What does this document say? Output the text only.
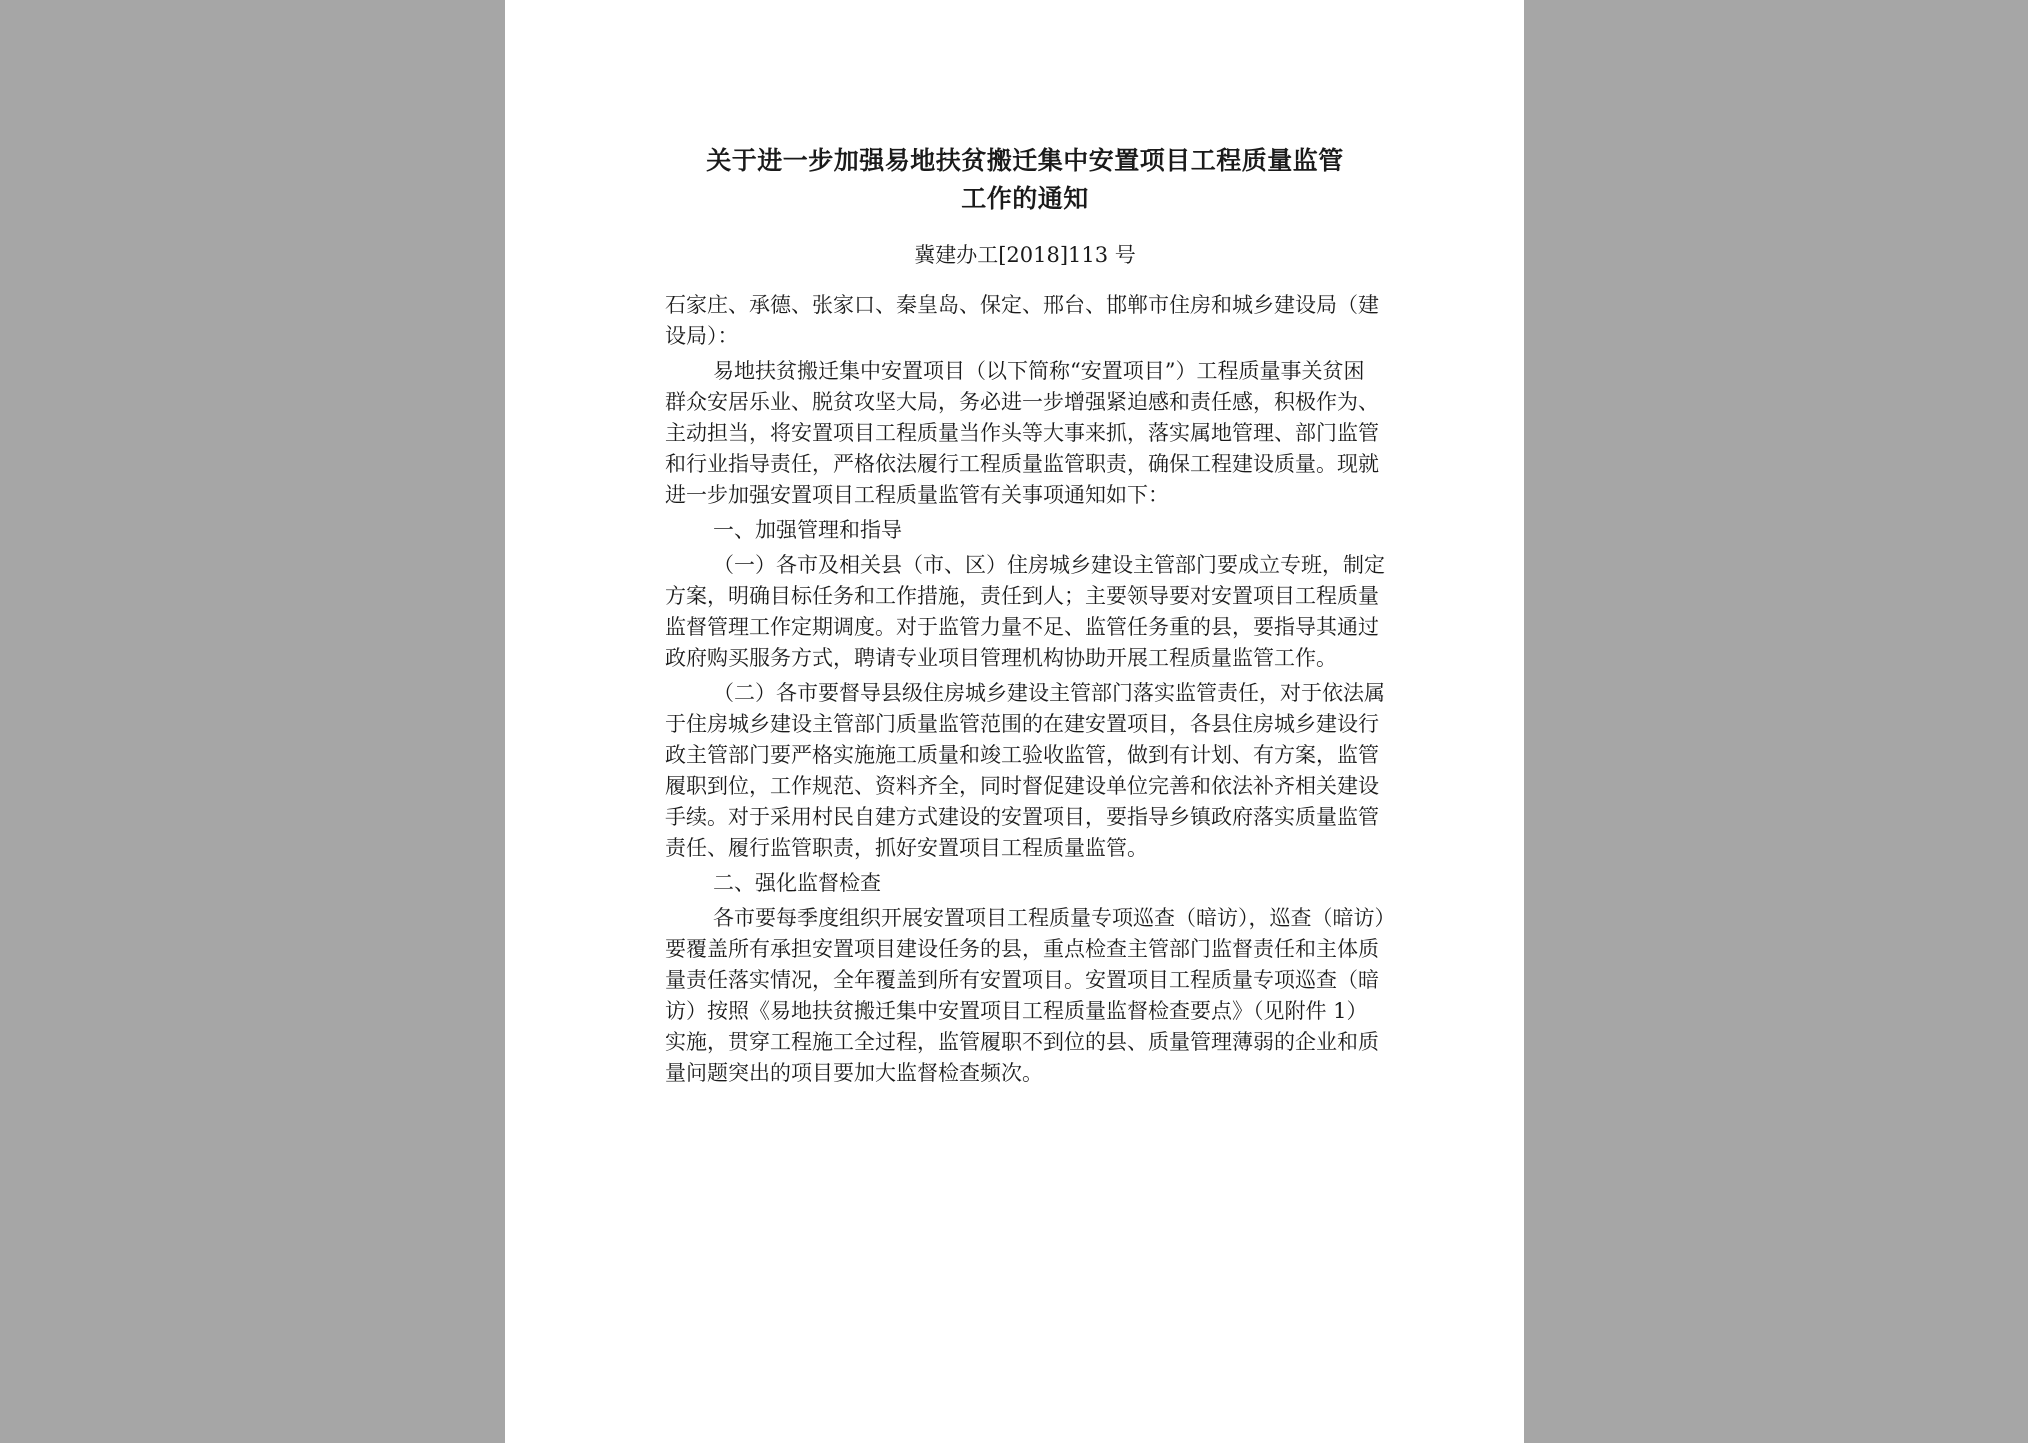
关于进一步加强易地扶贫搬迁集中安置项目工程质量监管
工作的通知
冀建办工[2018]113 号

石家庄、承德、张家口、秦皇岛、保定、邢台、邯郸市住房和城乡建设局（建设局）：

易地扶贫搬迁集中安置项目（以下简称“安置项目”）工程质量事关贫困群众安居乐业、脱贫攻坚大局，务必进一步增强紧迫感和责任感，积极作为、主动担当，将安置项目工程质量当作头等大事来抓，落实属地管理、部门监管和行业指导责任，严格依法履行工程质量监管职责，确保工程建设质量。现就进一步加强安置项目工程质量监管有关事项通知如下：

一、加强管理和指导

（一）各市及相关县（市、区）住房城乡建设主管部门要成立专班，制定方案，明确目标任务和工作措施，责任到人；主要领导要对安置项目工程质量监督管理工作定期调度。对于监管力量不足、监管任务重的县，要指导其通过政府购买服务方式，聘请专业项目管理机构协助开展工程质量监管工作。

（二）各市要督导县级住房城乡建设主管部门落实监管责任，对于依法属于住房城乡建设主管部门质量监管范围的在建安置项目，各县住房城乡建设行政主管部门要严格实施施工质量和竣工验收监管，做到有计划、有方案，监管履职到位，工作规范、资料齐全，同时督促建设单位完善和依法补齐相关建设手续。对于采用村民自建方式建设的安置项目，要指导乡镇政府落实质量监管责任、履行监管职责，抓好安置项目工程质量监管。

二、强化监督检查

各市要每季度组织开展安置项目工程质量专项巡查（暗访），巡查（暗访）要覆盖所有承担安置项目建设任务的县，重点检查主管部门监督责任和主体质量责任落实情况，全年覆盖到所有安置项目。安置项目工程质量专项巡查（暗访）按照《易地扶贫搬迁集中安置项目工程质量监督检查要点》（见附件 1）实施，贯穿工程施工全过程，监管履职不到位的县、质量管理薄弱的企业和质量问题突出的项目要加大监督检查频次。
